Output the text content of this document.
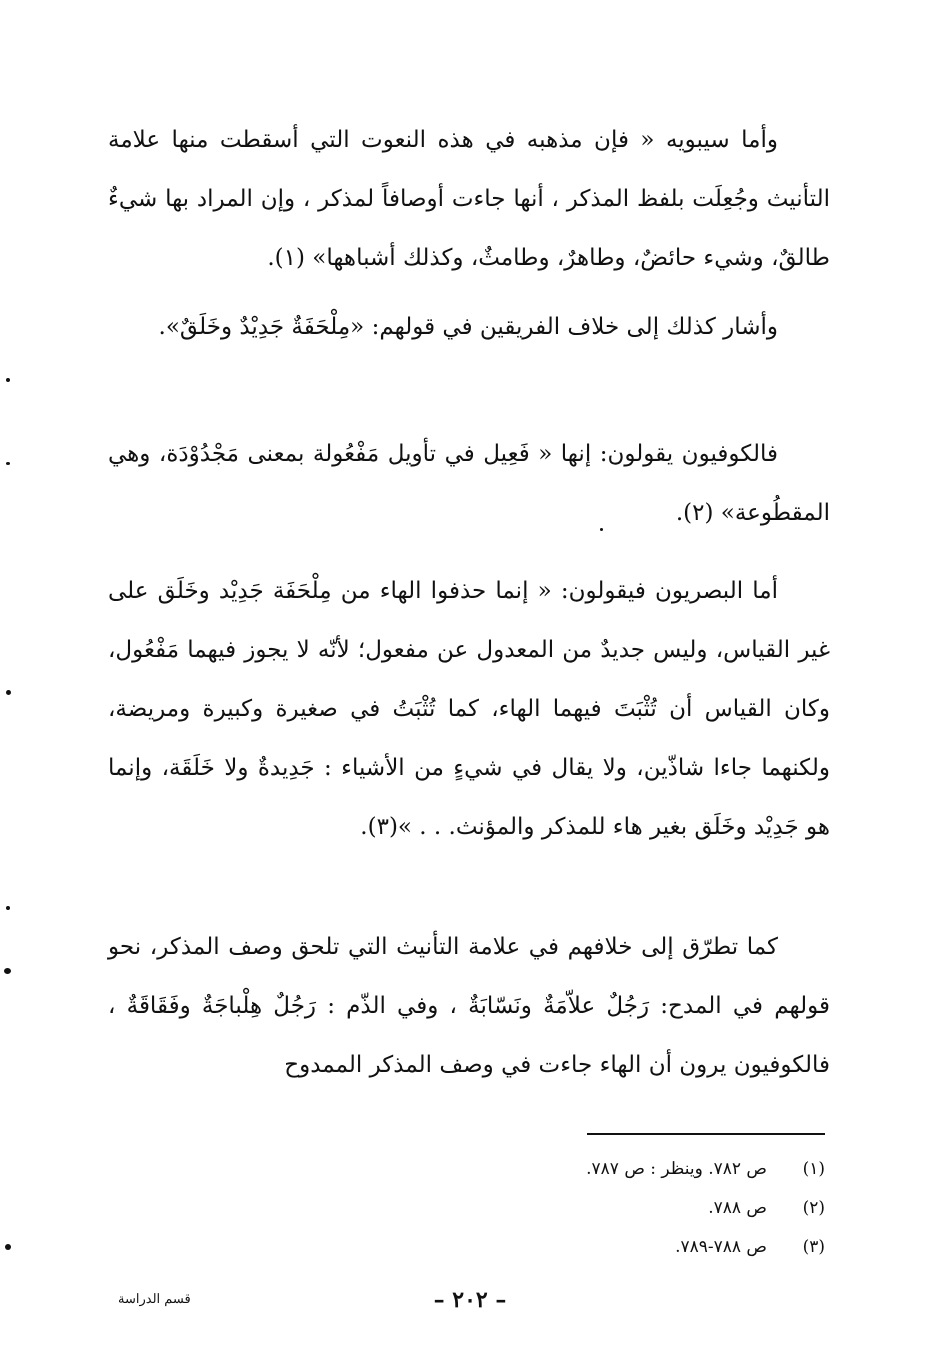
وأما سيبويه « فإن مذهبه في هذه النعوت التي أسقطت منها علامة التأنيث وجُعِلَت بلفظ المذكر ، أنها جاءت أوصافاً لمذكر ، وإن المراد بها شيءٌ طالقٌ، وشيء حائضٌ، وطاهرٌ، وطامثٌ، وكذلك أشباهها» (١).

وأشار كذلك إلى خلاف الفريقين في قولهم: «مِلْحَفَةٌ جَدِيْدٌ وخَلَقٌ».

فالكوفيون يقولون: إنها « فَعِيل في تأويل مَفْعُولة بمعنى مَجْدُوْدَة، وهي المقطُوعة» (٢).

أما البصريون فيقولون: « إنما حذفوا الهاء من مِلْحَفَة جَدِيْد وخَلَق على غير القياس، وليس جديدٌ من المعدول عن مفعول؛ لأنّه لا يجوز فيهما مَفْعُول، وكان القياس أن تُثْبَتَ فيهما الهاء، كما تُثْبَتُ في صغيرة وكبيرة ومريضة، ولكنهما جاءا شاذّين، ولا يقال في شيءٍ من الأشياء : جَدِيدةٌ ولا خَلَقَة، وإنما هو جَدِيْد وخَلَق بغير هاء للمذكر والمؤنث. . . »(٣).

كما تطرّق إلى خلافهم في علامة التأنيث التي تلحق وصف المذكر، نحو قولهم في المدح: رَجُلٌ علاّمَةٌ ونَسّابَةٌ ، وفي الذّم : رَجُلٌ هِلْباجَةٌ وفَقَاقَةٌ ، فالكوفيون يرون أن الهاء جاءت في وصف المذكر الممدوح

(١)ص ٧٨٢. وينظر : ص ٧٨٧.
(٢)ص ٧٨٨.
(٣)ص ٧٨٨-٧٨٩.
– ٢٠٢ –
قسم الدراسة
